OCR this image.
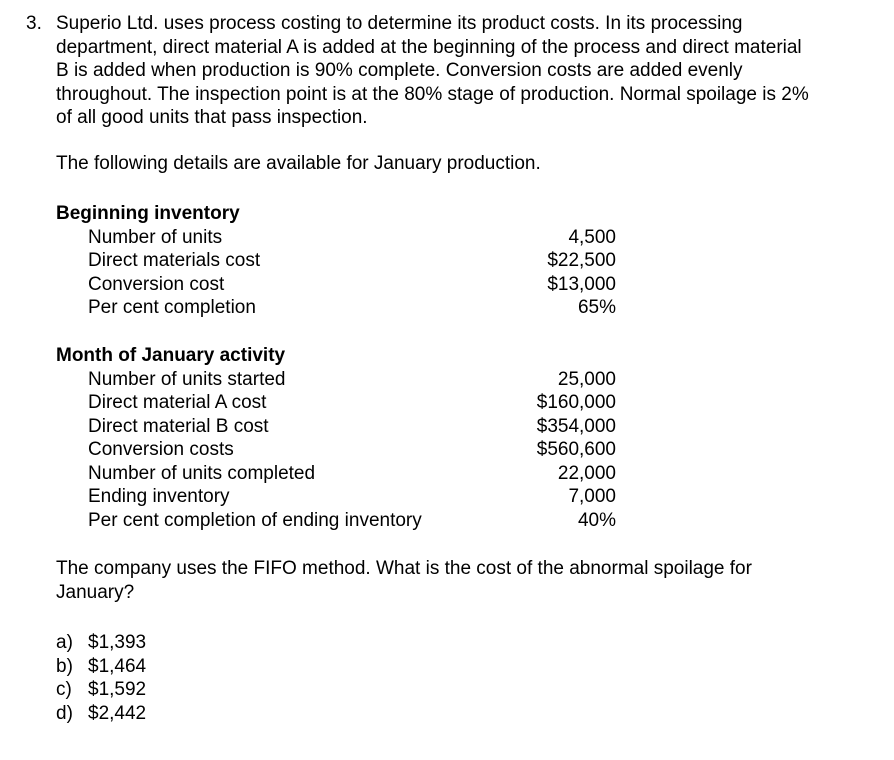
3. Superio Ltd. uses process costing to determine its product costs. In its processing
department, direct material A is added at the beginning of the process and direct material
B is added when production is 90% complete. Conversion costs are added evenly
throughout. The inspection point is at the 80% stage of production. Normal spoilage is 2%
of all good units that pass inspection.

The following details are available for January production.

Beginning inventory
Number of units	4,500
Direct materials cost	$22,500
Conversion cost	$13,000
Per cent completion	65%
Month of January activity
Number of units started	25,000
Direct material A cost	$160,000
Direct material B cost	$354,000
Conversion costs	$560,600
Number of units completed	22,000
Ending inventory	7,000
Per cent completion of ending inventory	40%

The company uses the FIFO method. What is the cost of the abnormal spoilage for
January?

a) $1,393
b) $1,464
c) $1,592
d) $2,442
